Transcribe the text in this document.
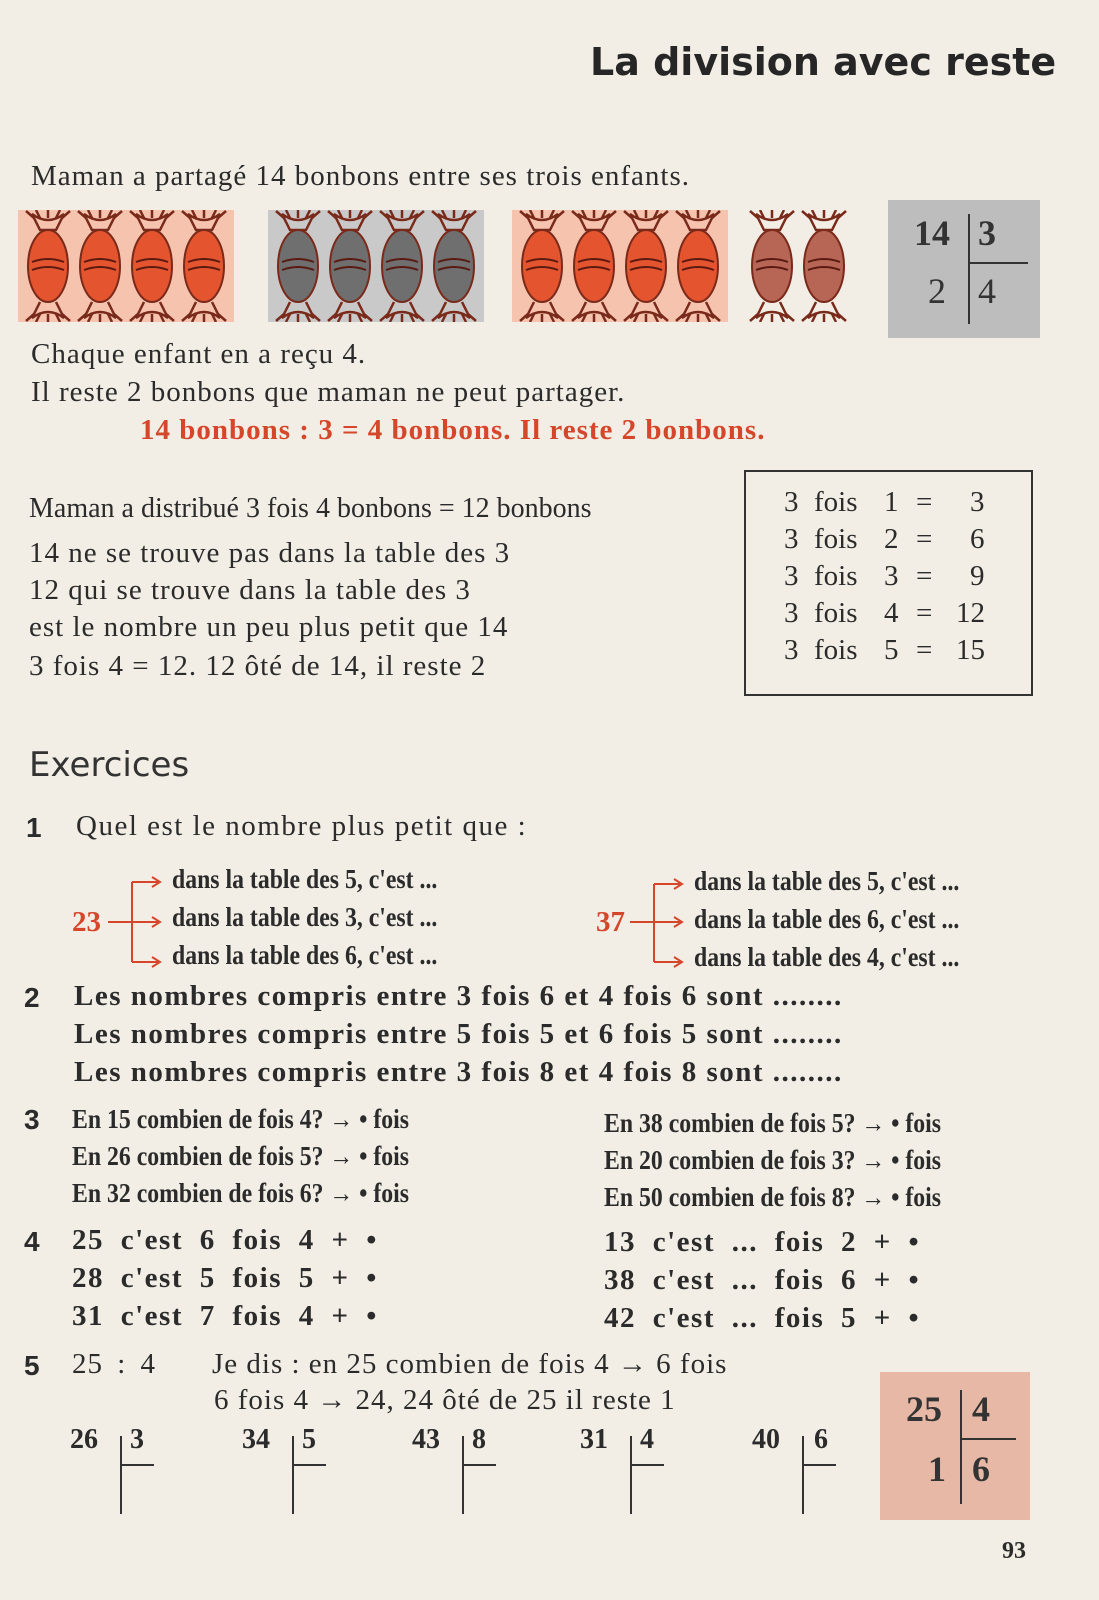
La division avec reste
Maman a partagé 14 bonbons entre ses trois enfants.
14 3
2 4
Chaque enfant en a reçu 4.
Il reste 2 bonbons que maman ne peut partager.
14 bonbons : 3 = 4 bonbons. Il reste 2 bonbons.
Maman a distribué 3 fois 4 bonbons = 12 bonbons
14 ne se trouve pas dans la table des 3
12 qui se trouve dans la table des 3
est le nombre un peu plus petit que 14
3 fois 4 = 12. 12 ôté de 14, il reste 2
3 fois 1 = 3
3 fois 2 = 6
3 fois 3 = 9
3 fois 4 = 12
3 fois 5 = 15
Exercices
1 Quel est le nombre plus petit que :
23
dans la table des 5, c'est ...
dans la table des 3, c'est ...
dans la table des 6, c'est ...
37
dans la table des 5, c'est ...
dans la table des 6, c'est ...
dans la table des 4, c'est ...
2 Les nombres compris entre 3 fois 6 et 4 fois 6 sont ........
Les nombres compris entre 5 fois 5 et 6 fois 5 sont ........
Les nombres compris entre 3 fois 8 et 4 fois 8 sont ........
3 En 15 combien de fois 4? → • fois
En 26 combien de fois 5? → • fois
En 32 combien de fois 6? → • fois
En 38 combien de fois 5? → • fois
En 20 combien de fois 3? → • fois
En 50 combien de fois 8? → • fois
4 25 c'est 6 fois 4 + •
28 c'est 5 fois 5 + •
31 c'est 7 fois 4 + •
13 c'est ... fois 2 + •
38 c'est ... fois 6 + •
42 c'est ... fois 5 + •
5 25 : 4 Je dis : en 25 combien de fois 4 → 6 fois
6 fois 4 → 24, 24 ôté de 25 il reste 1
26 3	34 5	43 8	31 4	40 6
25 4
1 6
93
